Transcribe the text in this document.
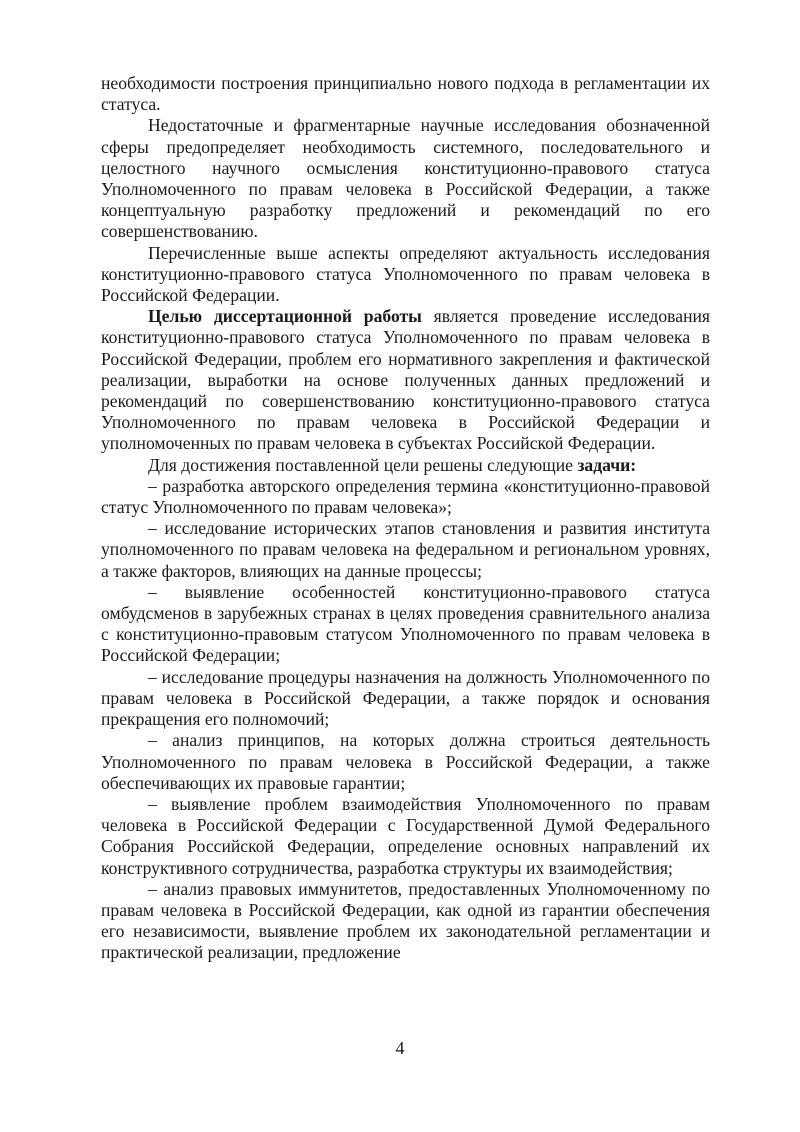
необходимости построения принципиально нового подхода в регламентации их статуса.

Недостаточные и фрагментарные научные исследования обозначенной сферы предопределяет необходимость системного, последовательного и целостного научного осмысления конституционно-правового статуса Уполномоченного по правам человека в Российской Федерации, а также концептуальную разработку предложений и рекомендаций по его совершенствованию.

Перечисленные выше аспекты определяют актуальность исследования конституционно-правового статуса Уполномоченного по правам человека в Российской Федерации.

Целью диссертационной работы является проведение исследования конституционно-правового статуса Уполномоченного по правам человека в Российской Федерации, проблем его нормативного закрепления и фактической реализации, выработки на основе полученных данных предложений и рекомендаций по совершенствованию конституционно-правового статуса Уполномоченного по правам человека в Российской Федерации и уполномоченных по правам человека в субъектах Российской Федерации.

Для достижения поставленной цели решены следующие задачи:

– разработка авторского определения термина «конституционно-правовой статус Уполномоченного по правам человека»;

– исследование исторических этапов становления и развития института уполномоченного по правам человека на федеральном и региональном уровнях, а также факторов, влияющих на данные процессы;

– выявление особенностей конституционно-правового статуса омбудсменов в зарубежных странах в целях проведения сравнительного анализа с конституционно-правовым статусом Уполномоченного по правам человека в Российской Федерации;

– исследование процедуры назначения на должность Уполномоченного по правам человека в Российской Федерации, а также порядок и основания прекращения его полномочий;

– анализ принципов, на которых должна строиться деятельность Уполномоченного по правам человека в Российской Федерации, а также обеспечивающих их правовые гарантии;

– выявление проблем взаимодействия Уполномоченного по правам человека в Российской Федерации с Государственной Думой Федерального Собрания Российской Федерации, определение основных направлений их конструктивного сотрудничества, разработка структуры их взаимодействия;

– анализ правовых иммунитетов, предоставленных Уполномоченному по правам человека в Российской Федерации, как одной из гарантии обеспечения его независимости, выявление проблем их законодательной регламентации и практической реализации, предложение

4
